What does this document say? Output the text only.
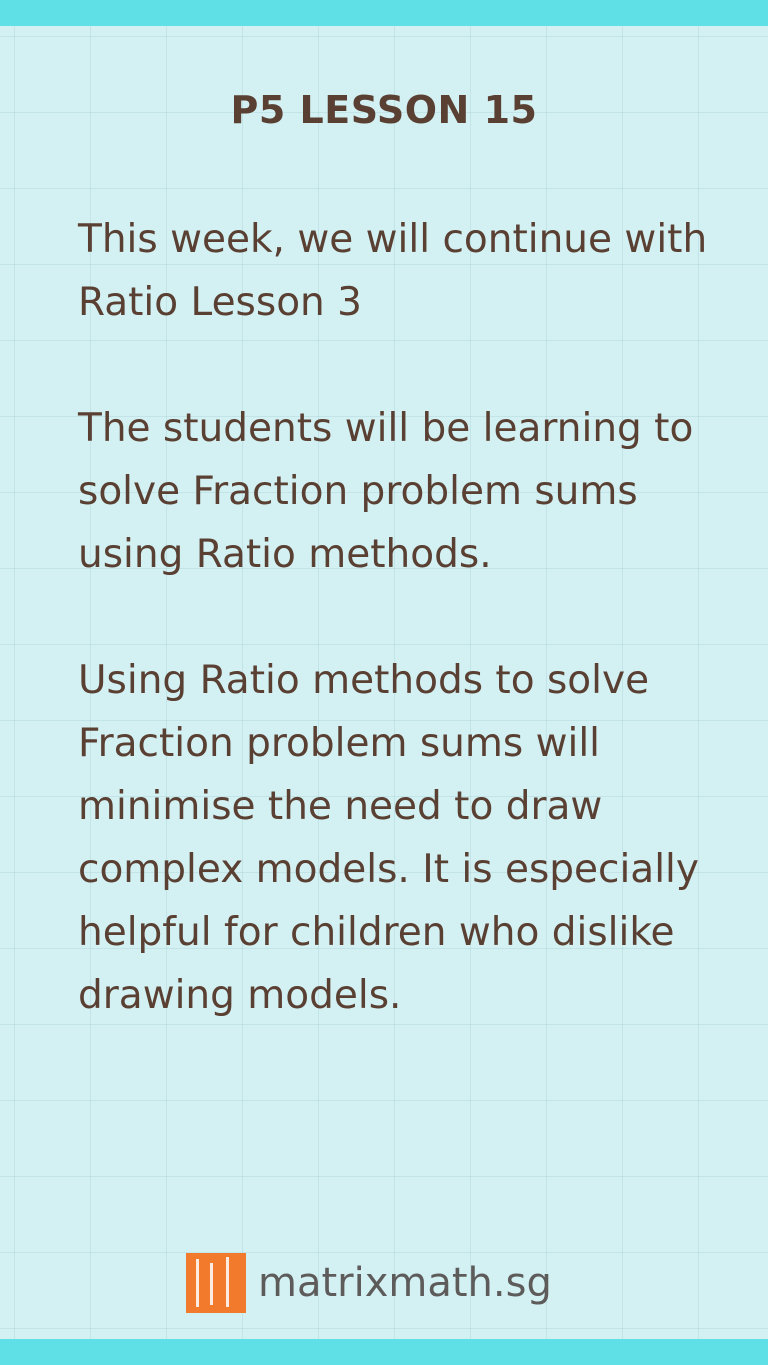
P5 LESSON 15

This week, we will continue with Ratio Lesson 3

The students will be learning to solve Fraction problem sums using Ratio methods.

Using Ratio methods to solve Fraction problem sums will minimise the need to draw complex models. It is especially helpful for children who dislike drawing models.

matrixmath.sg
